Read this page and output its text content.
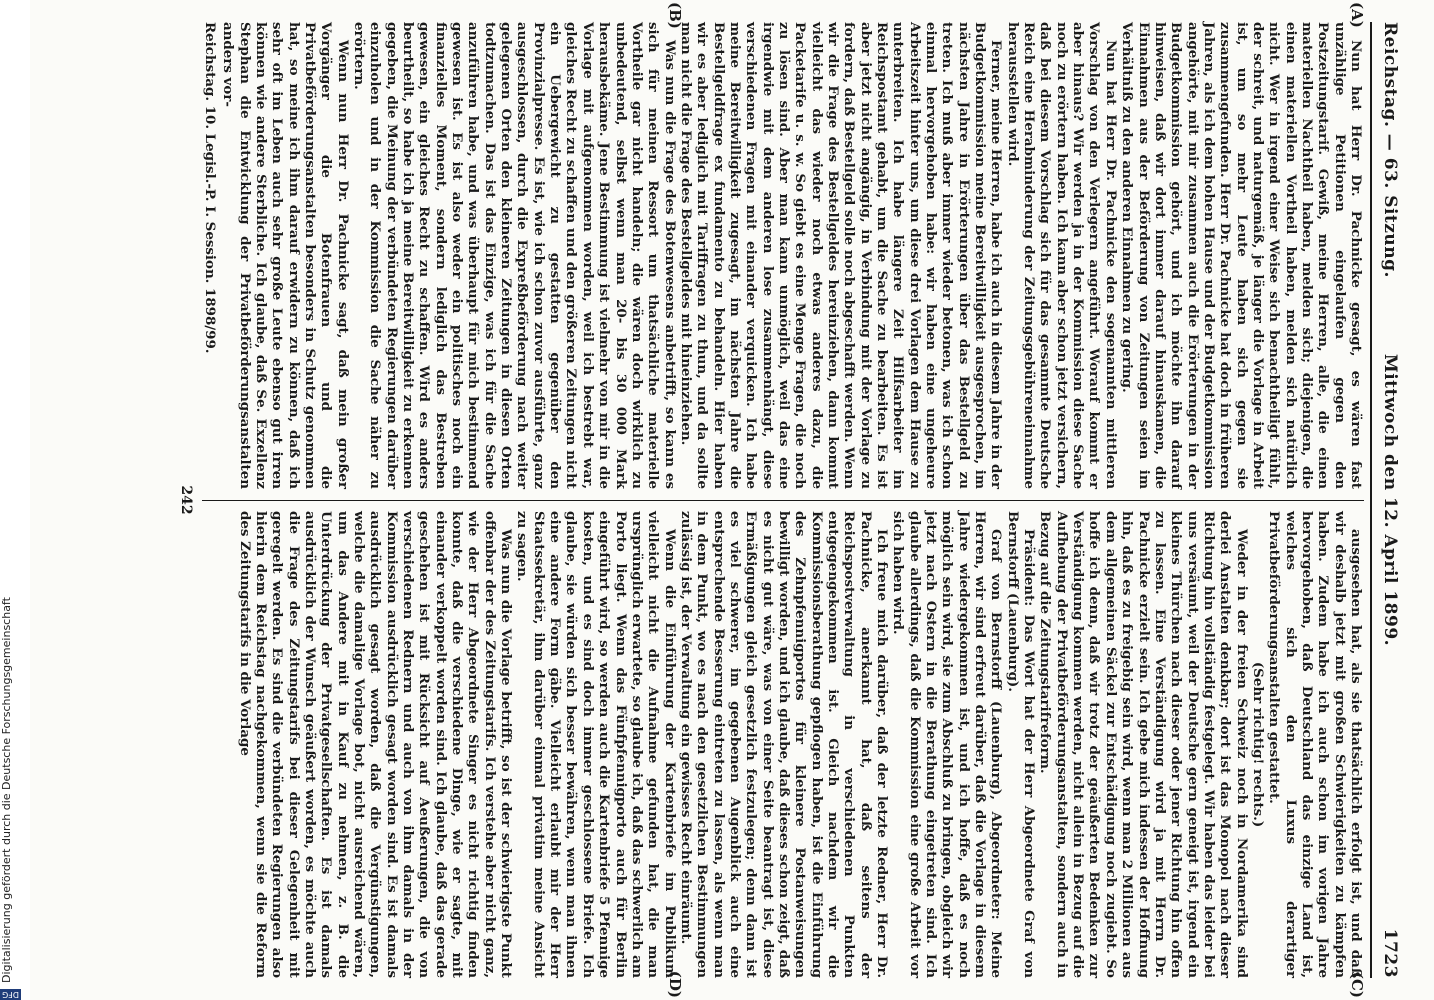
DFG
Digitalisierung gefördert durch die Deutsche Forschungsgemeinschaft
Reichstag. — 63. Sitzung.
Mittwoch den 12. April 1899.
1723
(A)
(B)
(C)
(D)

Nun hat Herr Dr. Pachnicke gesagt, es wären fast unzählige Petitionen eingelaufen gegen den Postzeitungstarif. Gewiß, meine Herren, alle, die einen materiellen Nachtheil haben, melden sich; diejenigen, die einen materiellen Vortheil haben, melden sich natürlich nicht. Wer in irgend einer Weise sich benachtheiligt fühlt, der schreit, und naturgemäß, je länger die Vorlage in Arbeit ist, um so mehr Leute haben sich gegen sie zusammengefunden. Herr Dr. Pachnicke hat doch in früheren Jahren, als ich dem hohen Hause und der Budgetkommission angehörte, mit mir zusammen auch die Erörterungen in der Budgetkommission gehört, und ich möchte ihn darauf hinweisen, daß wir dort immer darauf hinauskamen, die Einnahmen aus der Beförderung von Zeitungen seien im Verhältniß zu den anderen Einnahmen zu gering.

Nun hat Herr Dr. Pachnicke den sogenannten mittleren Vorschlag von den Verlegern angeführt. Worauf kommt er aber hinaus? Wir werden ja in der Kommission diese Sache noch zu erörtern haben. Ich kann aber schon jetzt versichern, daß bei diesem Vorschlag sich für das gesammte Deutsche Reich eine Herabminderung der Zeitungsgebühreneinnahme herausstellen wird.

Ferner, meine Herren, habe ich auch in diesem Jahre in der Budgetkommission meine Bereitwilligkeit ausgesprochen, im nächsten Jahre in Erörterungen über das Bestellgeld zu treten. Ich muß aber immer wieder betonen, was ich schon einmal hervorgehoben habe: wir haben eine ungeheure Arbeitszeit hinter uns, um diese drei Vorlagen dem Hause zu unterbreiten. Ich habe längere Zeit Hilfsarbeiter im Reichspostamt gehabt, um die Sache zu bearbeiten. Es ist aber jetzt nicht angängig, in Verbindung mit der Vorlage zu fordern, daß Bestellgeld solle noch abgeschafft werden. Wenn wir die Frage des Bestellgeldes hereinziehen, dann kommt vielleicht das wieder noch etwas anderes dazu, die Packetarife u. s. w. So giebt es eine Menge Fragen, die noch zu lösen sind. Aber man kann unmöglich, weil das eine irgendwie mit dem anderen lose zusammenhängt, diese verschiedenen Fragen mit einander verquicken. Ich habe meine Bereitwilligkeit zugesagt, im nächsten Jahre die Bestellgeldfrage ex fundamento zu behandeln. Hier haben wir es aber lediglich mit Tariffragen zu thun, und da sollte man nicht die Frage des Bestellgeldes mit hineinziehen.

Was nun die Frage des Botenwesens anbetrifft, so kann es sich für meinen Ressort um thatsächliche materielle Vortheile gar nicht handeln; die wären doch wirklich zu unbedeutend, selbst wenn man 20- bis 30 000 Mark herausbekäme. Jene Bestimmung ist vielmehr von mir in die Vorlage mit aufgenommen worden, weil ich bestrebt war, gleiches Recht zu schaffen und den größeren Zeitungen nicht ein Uebergewicht zu gestatten gegenüber den Provinzialpresse. Es ist, wie ich schon zuvor ausführte, ganz ausgeschlossen, durch die Expreßbeförderung nach weiter gelegenen Orten den kleineren Zeitungen in diesen Orten todtzumachen. Das ist das Einzige, was ich für die Sache anzuführen habe, und was überhaupt für mich bestimmend gewesen ist. Es ist also weder ein politisches noch ein finanzielles Moment, sondern lediglich das Bestreben gewesen, ein gleiches Recht zu schaffen. Wird es anders beurtheilt, so habe ich ja meine Bereitwilligkeit zu erkennen gegeben, die Meinung der verbündeten Regierungen darüber einzuholen und in der Kommission die Sache näher zu erörtern.

Wenn nun Herr Dr. Pachnicke sagt, daß mein großer Vorgänger die Botenfrauen und die Privatbeförderungsanstalten besonders in Schutz genommen hat, so meine ich ihm darauf erwidern zu können, daß ich sehr oft im Leben auch sehr große Leute ebenso gut irren können wie andere Sterbliche. Ich glaube, daß Se. Exzellenz Stephan die Entwicklung der Privatbeförderungsanstalten anders vor-

Reichstag. 10. Legisl.-P. I. Session. 1898/99.

ausgesehen hat, als sie thatsächlich erfolgt ist, und daß wir deshalb jetzt mit großen Schwierigkeiten zu kämpfen haben. Zudem habe ich auch schon im vorigen Jahre hervorgehoben, daß Deutschland das einzige Land ist, welches sich den Luxus derartiger Privatbeförderungsanstalten gestattet.

(Sehr richtig! rechts.)

Weder in der freien Schweiz noch in Nordamerika sind derlei Anstalten denkbar; dort ist das Monopol nach dieser Richtung hin vollständig festgelegt. Wir haben das leider bei uns versäumt, weil der Deutsche gern geneigt ist, irgend ein kleines Thürchen nach dieser oder jener Richtung hin offen zu lassen. Eine Verständigung wird ja mit Herrn Dr. Pachnicke erzielt sein. Ich gebe mich indessen der Hoffnung hin, daß es zu freigebig sein wird, wenn man 2 Millionen aus dem allgemeinen Säckel zur Entschädigung noch zugiebt. So hoffe ich denn, daß wir trotz der geäußerten Bedenken zur Verständigung kommen werden, nicht allein in Bezug auf die Aufhebung der Privatbeförderungsanstalten, sondern auch in Bezug auf die Zeitungstarifreform.

Präsident: Das Wort hat der Herr Abgeordnete Graf von Bernstorff (Lauenburg).

Graf von Bernstorff (Lauenburg), Abgeordneter: Meine Herren, wir sind erfreut darüber, daß die Vorlage in diesem Jahre wiedergekommen ist, und ich hoffe, daß es noch möglich sein wird, sie zum Abschluß zu bringen, obgleich wir jetzt nach Ostern in die Berathung eingetreten sind. Ich glaube allerdings, daß die Kommission eine große Arbeit vor sich haben wird.

Ich freue mich darüber, daß der letzte Redner, Herr Dr. Pachnicke, anerkannt hat, daß seitens der Reichspostverwaltung in verschiedenen Punkten entgegengekommen ist. Gleich nachdem wir die Kommissionsberathung gepflogen haben, ist die Einführung des Zehnpfennigportos für kleinere Postanweisungen bewilligt worden, und ich glaube, daß dieses schon zeigt, daß es nicht gut wäre, was von einer Seite beantragt ist, diese Ermäßigungen gleich gesetzlich festzulegen; denn dann ist es viel schwerer, im gegebenen Augenblick auch eine entsprechende Besserung eintreten zu lassen, als wenn man in dem Punkt, wo es nach den gesetzlichen Bestimmungen zulässig ist, der Verwaltung ein gewisses Recht einräumt.

Wenn die Einführung der Kartenbriefe im Publikum vielleicht nicht die Aufnahme gefunden hat, die man ursprünglich erwartete, so glaube ich, daß das schwerlich am Porto liegt. Wenn das Fünfpfennigporto auch für Berlin eingeführt wird, so werden auch die Kartenbriefe 5 Pfennige kosten, und es sind doch immer geschlossene Briefe. Ich glaube, sie würden sich besser bewähren, wenn man ihnen eine andere Form gäbe. Vielleicht erlaubt mir der Herr Staatssekretär, ihm darüber einmal privatim meine Ansicht zu sagen.

Was nun die Vorlage betrifft, so ist der schwierigste Punkt offenbar der des Zeitungstarifs. Ich verstehe aber nicht ganz, wie der Herr Abgeordnete Singer es nicht richtig finden konnte, daß die verschiedene Dinge, wie er sagte, mit einander verkoppelt worden sind. Ich glaube, daß das gerade geschehen ist mit Rücksicht auf Aeußerungen, die von verschiedenen Rednern und auch von ihm damals in der Kommission ausdrücklich gesagt worden sind. Es ist damals ausdrücklich gesagt worden, daß die Vergünstigungen, welche die damalige Vorlage bot, nicht ausreichend wären, um das Andere mit in Kauf zu nehmen, z. B. die Unterdrückung der Privatgesellschaften. Es ist damals ausdrücklich der Wunsch geäußert worden, es möchte auch die Frage des Zeitungstarifs bei dieser Gelegenheit mit geregelt werden. Es sind die verbündeten Regierungen also hierin dem Reichstag nachgekommen, wenn sie die Reform des Zeitungstarifs in die Vorlage

242
